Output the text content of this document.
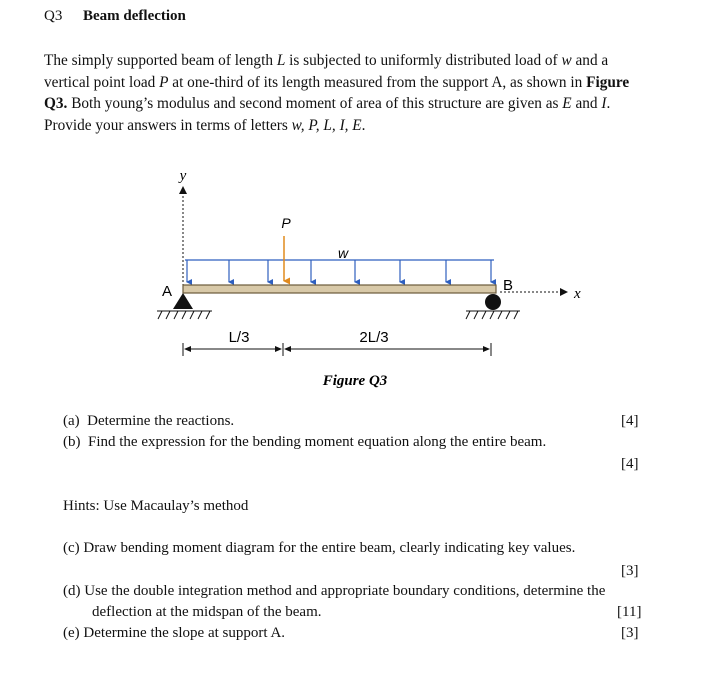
Q3 Beam deflection
The simply supported beam of length L is subjected to uniformly distributed load of w and a
vertical point load P at one-third of its length measured from the support A, as shown in Figure
Q3. Both young’s modulus and second moment of area of this structure are given as E and I.
Provide your answers in terms of letters w, P, L, I, E.
y
x
w
P
A	B
L/3	2L/3
Figure Q3
(a) Determine the reactions.	[4]
(b) Find the expression for the bending moment equation along the entire beam.
[4]
Hints: Use Macaulay’s method
(c) Draw bending moment diagram for the entire beam, clearly indicating key values.
[3]
(d) Use the double integration method and appropriate boundary conditions, determine the
deflection at the midspan of the beam.	[11]
(e) Determine the slope at support A.	[3]
